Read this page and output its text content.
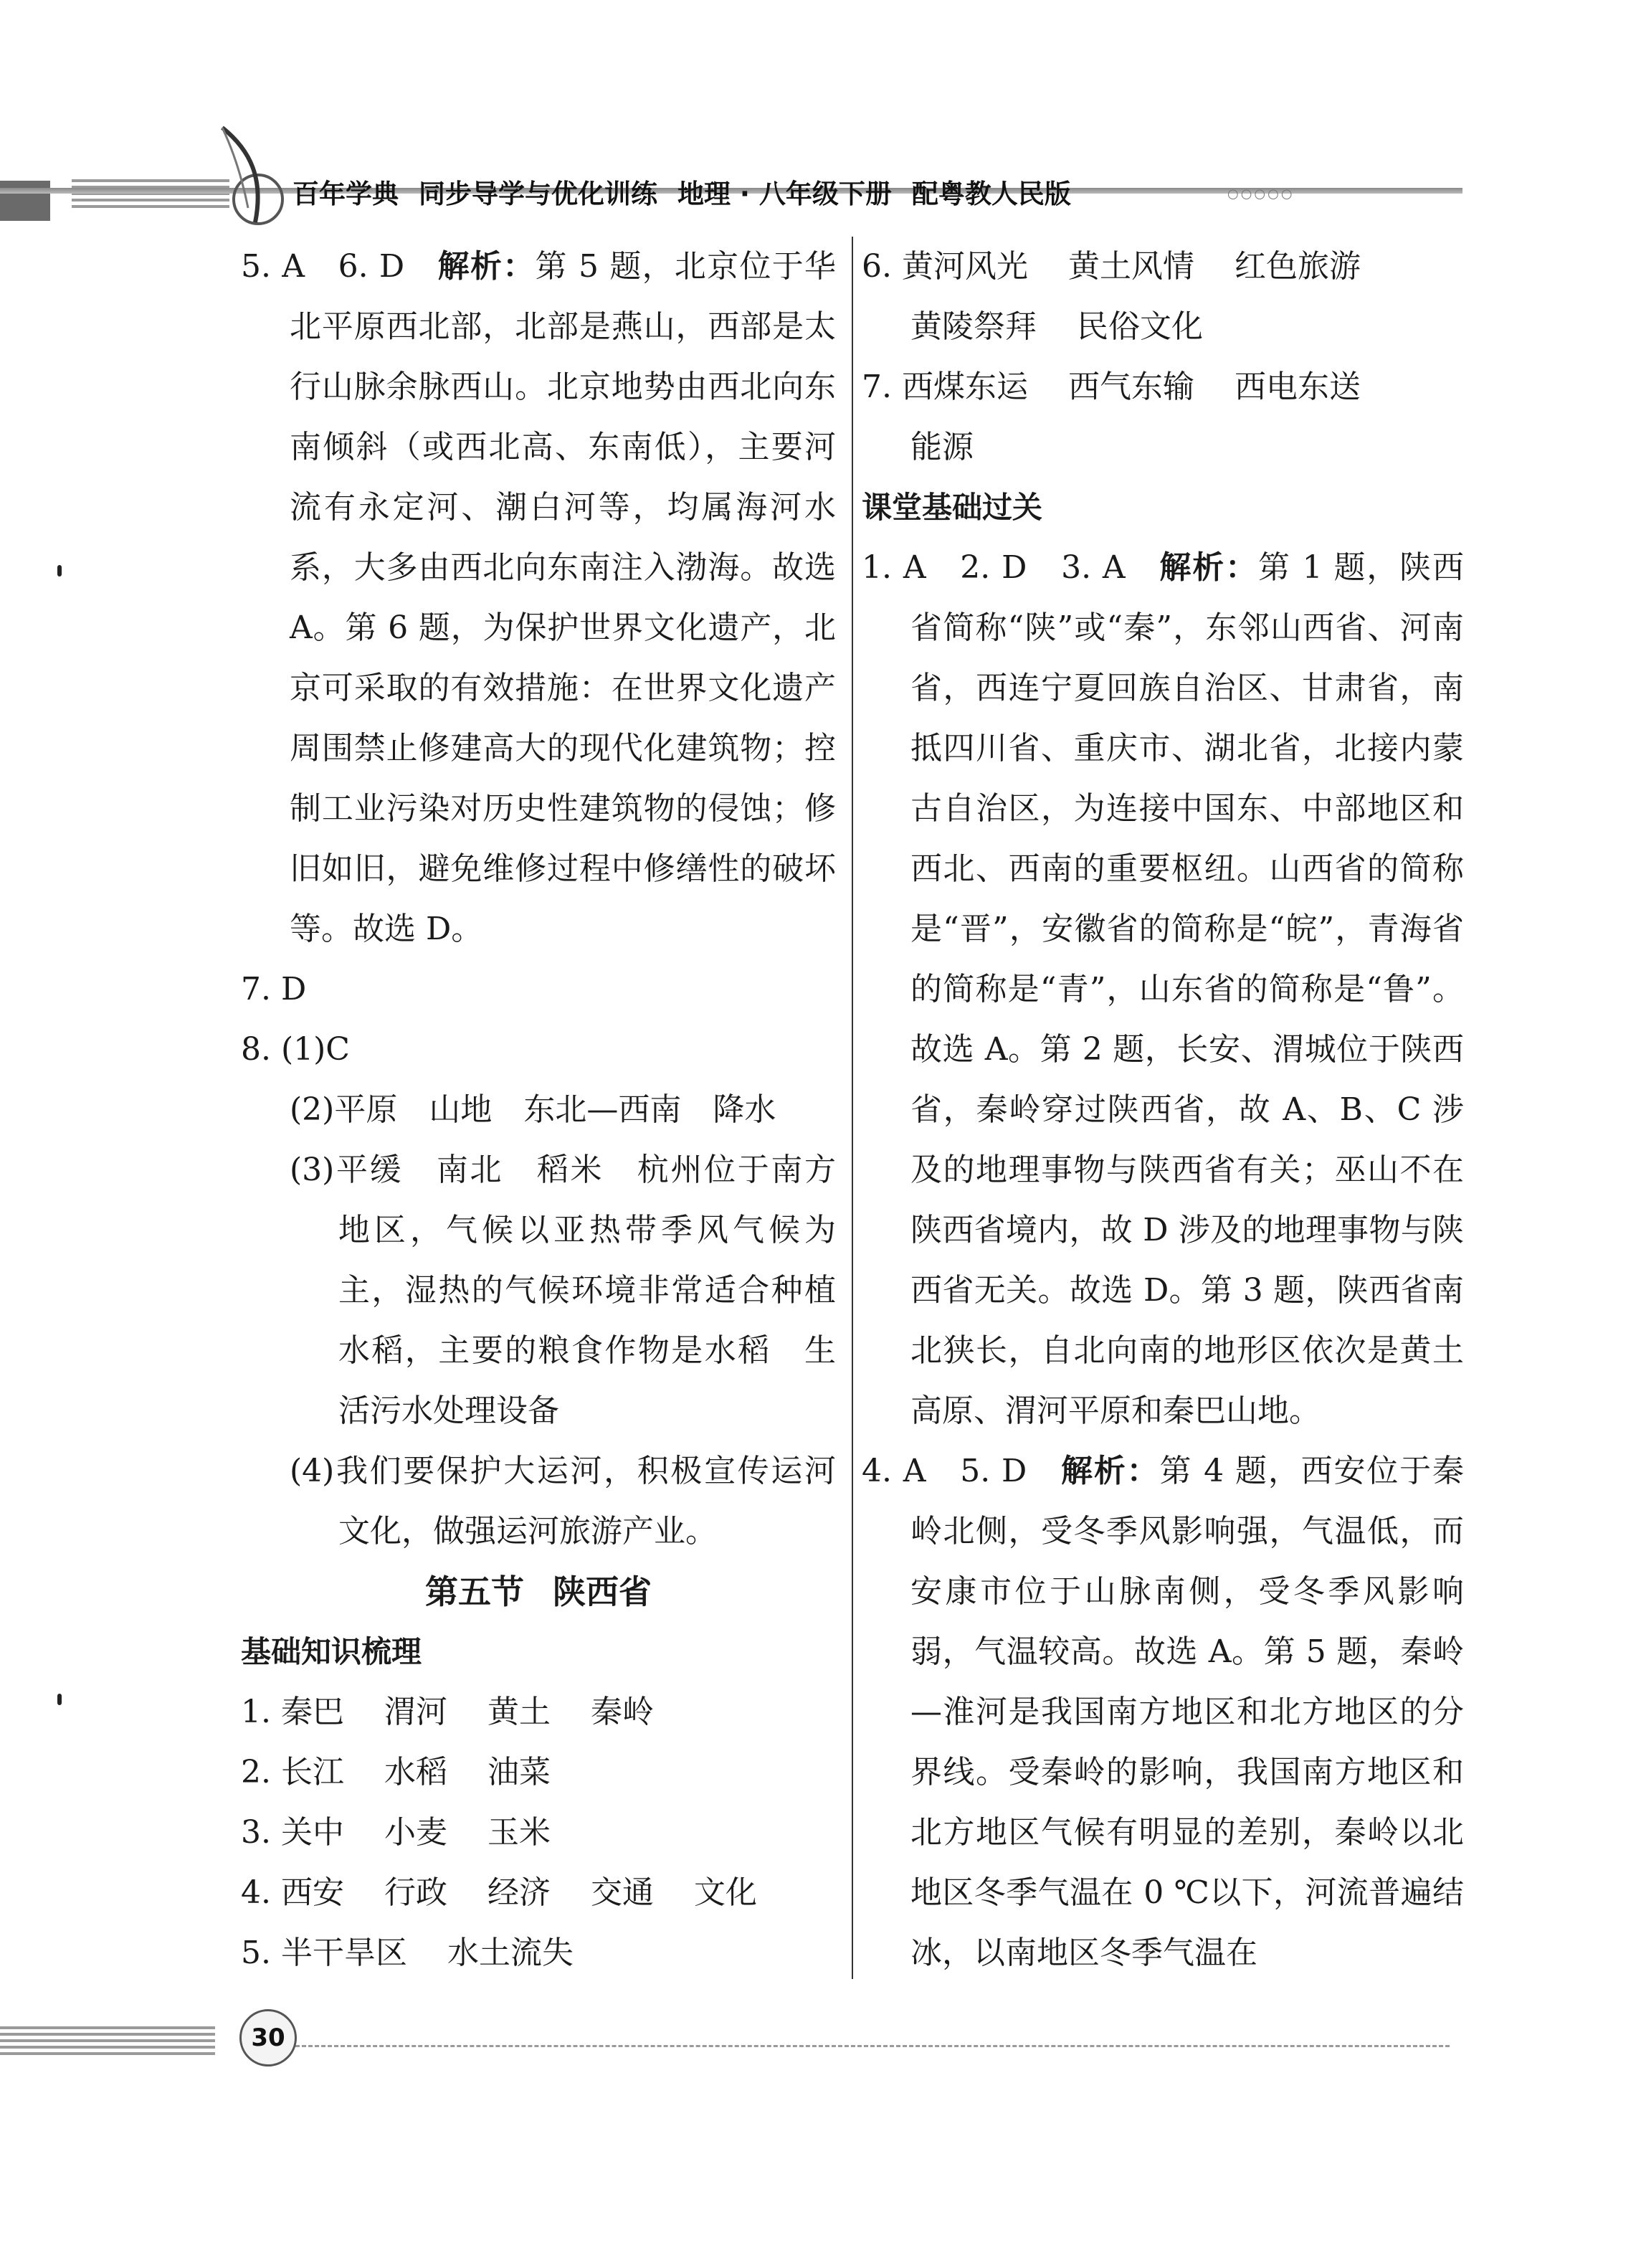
百年学典 同步导学与优化训练 地理 · 八年级下册 配粤教人民版	○○○○○
5. A　6. D　解析：第 5 题，北京位于华北平原西北部，北部是燕山，西部是太行山脉余脉西山。北京地势由西北向东南倾斜（或西北高、东南低），主要河流有永定河、潮白河等，均属海河水系，大多由西北向东南注入渤海。故选 A。第 6 题，为保护世界文化遗产，北京可采取的有效措施：在世界文化遗产周围禁止修建高大的现代化建筑物；控制工业污染对历史性建筑物的侵蚀；修旧如旧，避免维修过程中修缮性的破坏等。故选 D。
7. D
8. (1)C
(2)平原　山地　东北—西南　降水
(3)平缓　南北　稻米　杭州位于南方地区，气候以亚热带季风气候为主，湿热的气候环境非常适合种植水稻，主要的粮食作物是水稻　生活污水处理设备
(4)我们要保护大运河，积极宣传运河文化，做强运河旅游产业。
第五节 陕西省
基础知识梳理
1. 秦巴 渭河 黄土 秦岭
2. 长江 水稻 油菜
3. 关中 小麦 玉米
4. 西安 行政 经济 交通 文化
5. 半干旱区 水土流失
6. 黄河风光 黄土风情 红色旅游
黄陵祭拜 民俗文化
7. 西煤东运 西气东输 西电东送
能源
课堂基础过关
1. A　2. D　3. A　解析：第 1 题，陕西省简称“陕”或“秦”，东邻山西省、河南省，西连宁夏回族自治区、甘肃省，南抵四川省、重庆市、湖北省，北接内蒙古自治区，为连接中国东、中部地区和西北、西南的重要枢纽。山西省的简称是“晋”，安徽省的简称是“皖”，青海省的简称是“青”，山东省的简称是“鲁”。故选 A。第 2 题，长安、渭城位于陕西省，秦岭穿过陕西省，故 A、B、C 涉及的地理事物与陕西省有关；巫山不在陕西省境内，故 D 涉及的地理事物与陕西省无关。故选 D。第 3 题，陕西省南北狭长，自北向南的地形区依次是黄土高原、渭河平原和秦巴山地。
4. A　5. D　解析：第 4 题，西安位于秦岭北侧，受冬季风影响强，气温低，而安康市位于山脉南侧，受冬季风影响弱，气温较高。故选 A。第 5 题，秦岭—淮河是我国南方地区和北方地区的分界线。受秦岭的影响，我国南方地区和北方地区气候有明显的差别，秦岭以北地区冬季气温在 0 ℃以下，河流普遍结冰，以南地区冬季气温在
30
